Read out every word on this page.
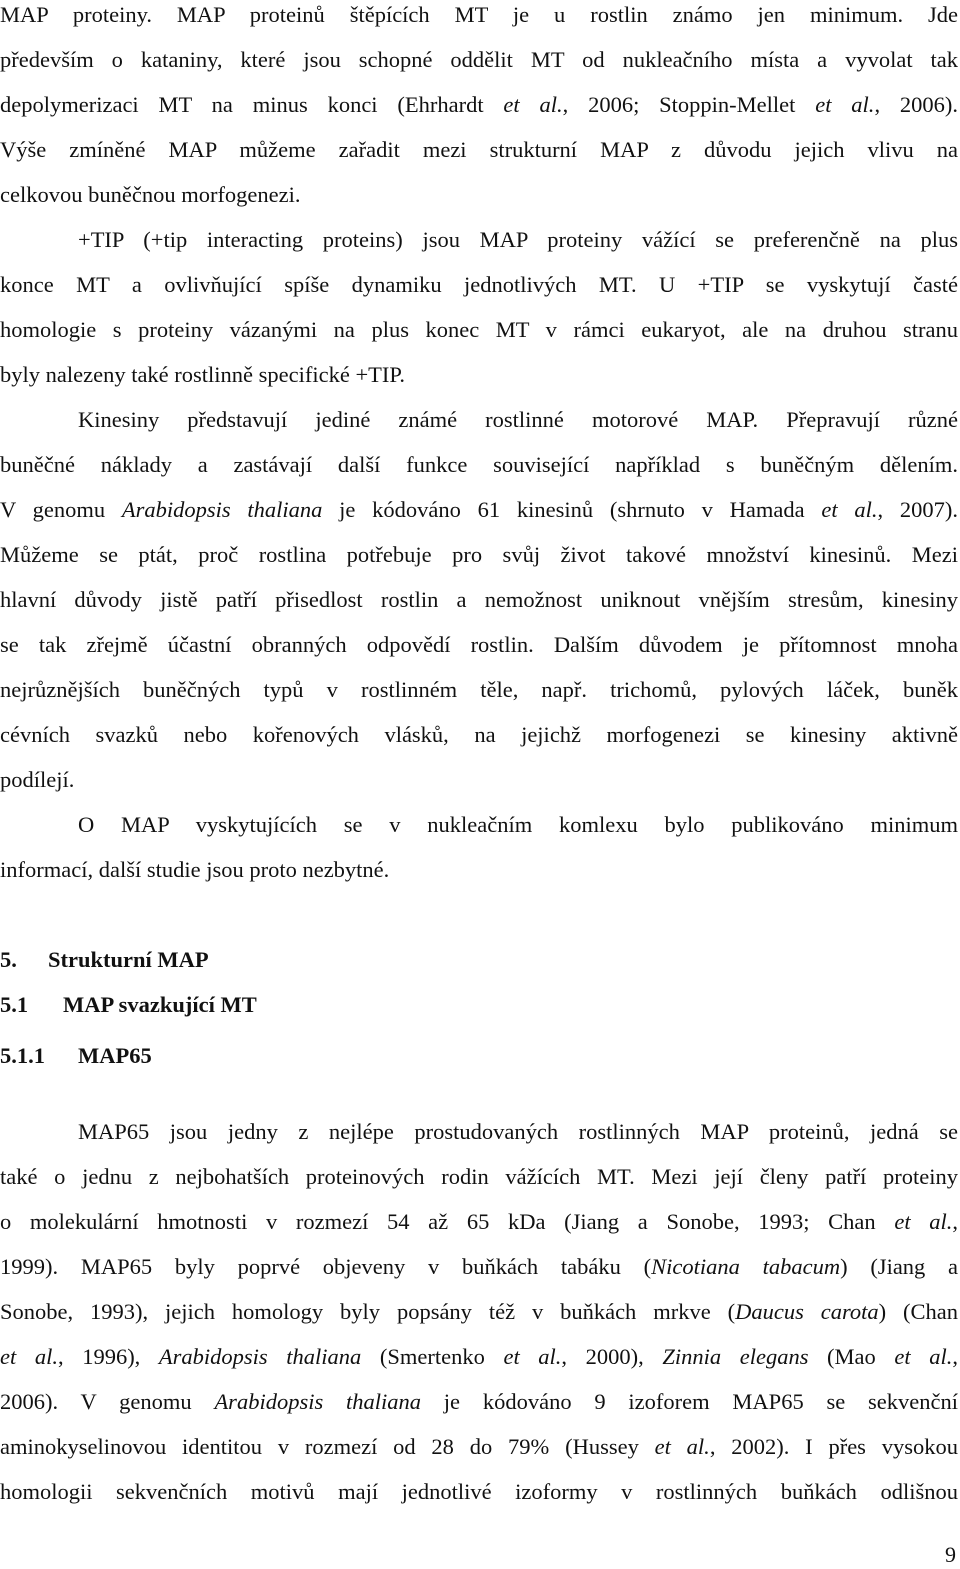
MAP proteiny. MAP proteinů štěpících MT je u rostlin známo jen minimum. Jde
především o kataniny, které jsou schopné oddělit MT od nukleačního místa a vyvolat tak
depolymerizaci MT na minus konci (Ehrhardt et al., 2006; Stoppin-Mellet et al., 2006).
Výše zmíněné MAP můžeme zařadit mezi strukturní MAP z důvodu jejich vlivu na
celkovou buněčnou morfogenezi.
+TIP (+tip interacting proteins) jsou MAP proteiny vážící se preferenčně na plus
konce MT a ovlivňující spíše dynamiku jednotlivých MT. U +TIP se vyskytují časté
homologie s proteiny vázanými na plus konec MT v rámci eukaryot, ale na druhou stranu
byly nalezeny také rostlinně specifické +TIP.
Kinesiny představují jediné známé rostlinné motorové MAP. Přepravují různé
buněčné náklady a zastávají další funkce související například s buněčným dělením.
V genomu Arabidopsis thaliana je kódováno 61 kinesinů (shrnuto v Hamada et al., 2007).
Můžeme se ptát, proč rostlina potřebuje pro svůj život takové množství kinesinů. Mezi
hlavní důvody jistě patří přisedlost rostlin a nemožnost uniknout vnějším stresům, kinesiny
se tak zřejmě účastní obranných odpovědí rostlin. Dalším důvodem je přítomnost mnoha
nejrůznějších buněčných typů v rostlinném těle, např. trichomů, pylových láček, buněk
cévních svazků nebo kořenových vlásků, na jejichž morfogenezi se kinesiny aktivně
podílejí.
O MAP vyskytujících se v nukleačním komlexu bylo publikováno minimum
informací, další studie jsou proto nezbytné.
MAP65 jsou jedny z nejlépe prostudovaných rostlinných MAP proteinů, jedná se
také o jednu z nejbohatších proteinových rodin vážících MT. Mezi její členy patří proteiny
o molekulární hmotnosti v rozmezí 54 až 65 kDa (Jiang a Sonobe, 1993; Chan et al.,
1999). MAP65 byly poprvé objeveny v buňkách tabáku (Nicotiana tabacum) (Jiang a
Sonobe, 1993), jejich homology byly popsány též v buňkách mrkve (Daucus carota) (Chan
et al., 1996), Arabidopsis thaliana (Smertenko et al., 2000), Zinnia elegans (Mao et al.,
2006). V genomu Arabidopsis thaliana je kódováno 9 izoforem MAP65 se sekvenční
aminokyselinovou identitou v rozmezí od 28 do 79% (Hussey et al., 2002). I přes vysokou
homologii sekvenčních motivů mají jednotlivé izoformy v rostlinných buňkách odlišnou
5. Strukturní MAP
5.1 MAP svazkující MT
5.1.1 MAP65
9
